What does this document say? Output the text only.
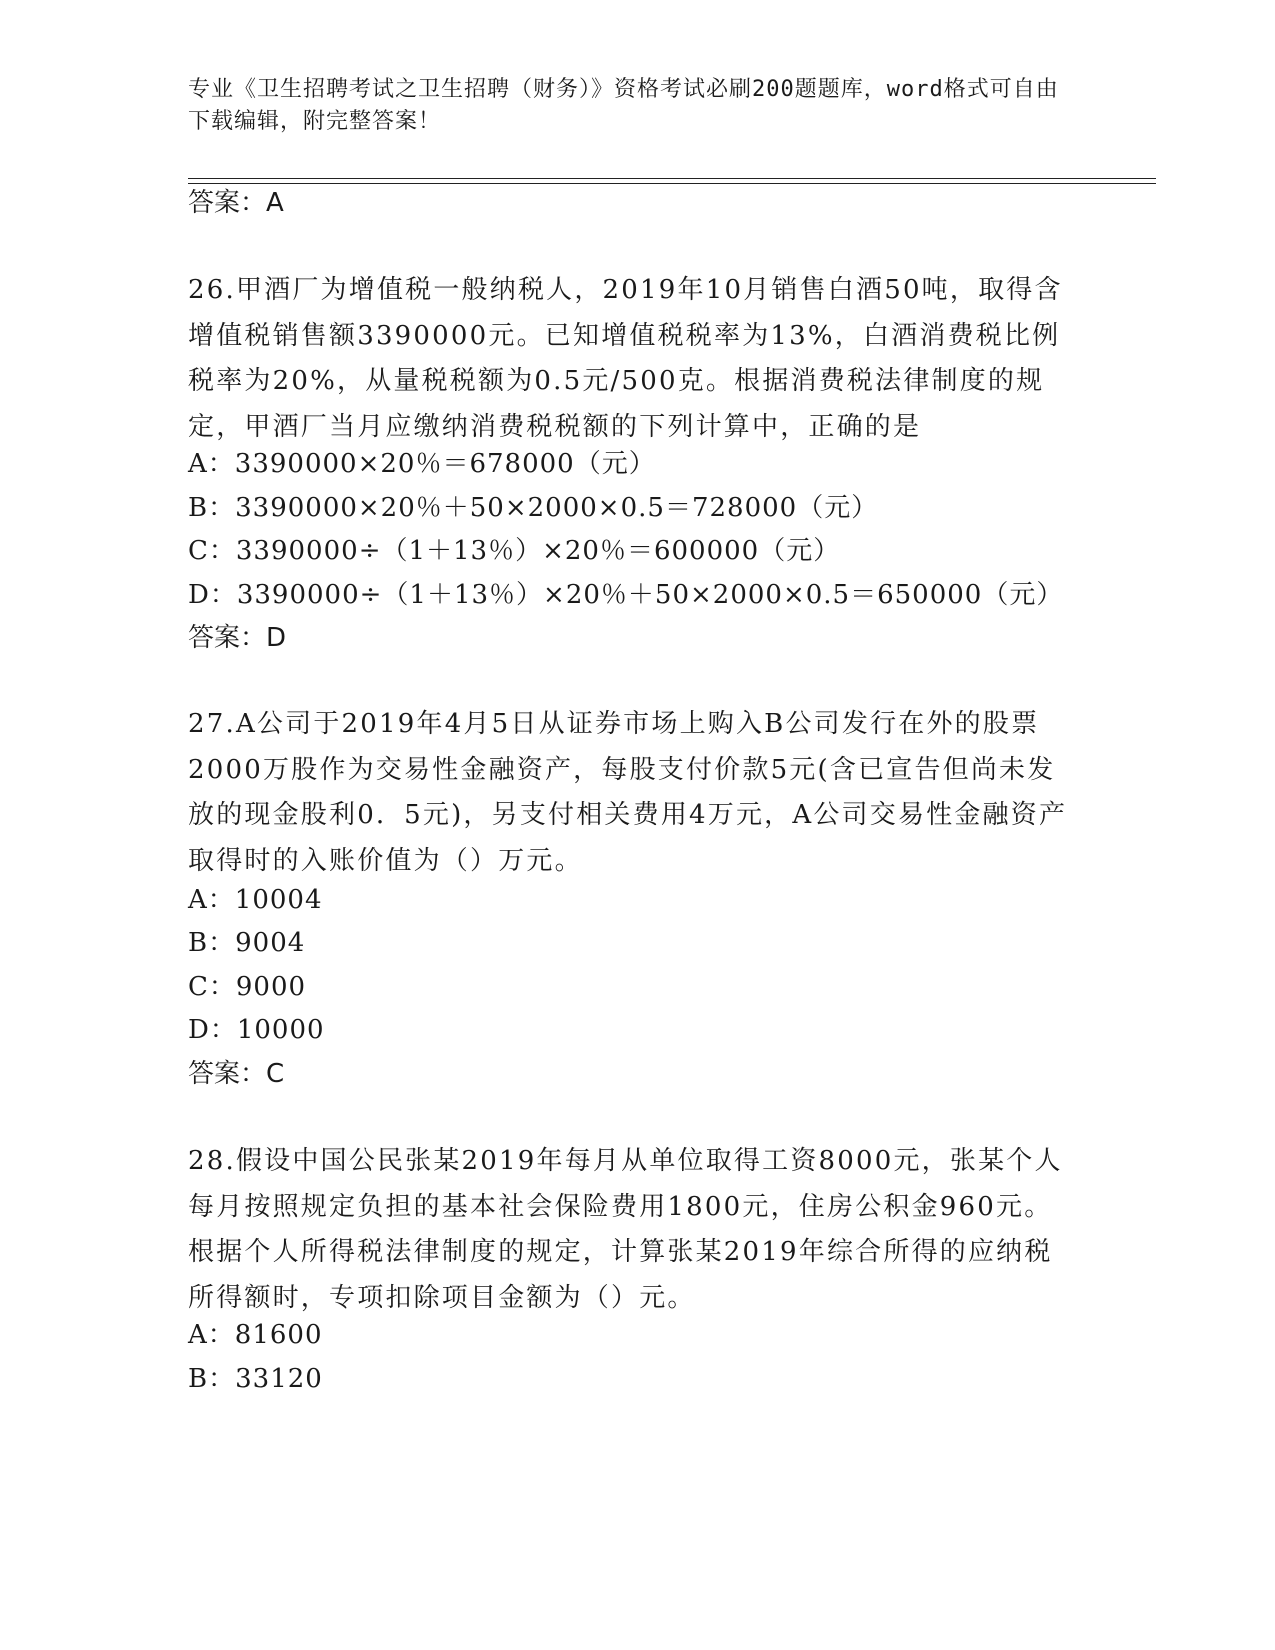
专业《卫生招聘考试之卫生招聘（财务）》资格考试必刷200题题库，word格式可自由下载编辑，附完整答案！
答案：A
26.甲酒厂为增值税一般纳税人，2019年10月销售白酒50吨，取得含增值税销售额3390000元。已知增值税税率为13%，白酒消费税比例税率为20%，从量税税额为0.5元/500克。根据消费税法律制度的规定，甲酒厂当月应缴纳消费税税额的下列计算中，正确的是
A：3390000×20％＝678000（元）
B：3390000×20％＋50×2000×0.5＝728000（元）
C：3390000÷（1＋13％）×20％＝600000（元）
D：3390000÷（1＋13％）×20％＋50×2000×0.5＝650000（元）
答案：D
27.A公司于2019年4月5日从证券市场上购入B公司发行在外的股票2000万股作为交易性金融资产，每股支付价款5元(含已宣告但尚未发放的现金股利0．5元)，另支付相关费用4万元，A公司交易性金融资产取得时的入账价值为（）万元。
A：10004
B：9004
C：9000
D：10000
答案：C
28.假设中国公民张某2019年每月从单位取得工资8000元，张某个人每月按照规定负担的基本社会保险费用1800元，住房公积金960元。根据个人所得税法律制度的规定，计算张某2019年综合所得的应纳税所得额时，专项扣除项目金额为（）元。
A：81600
B：33120
